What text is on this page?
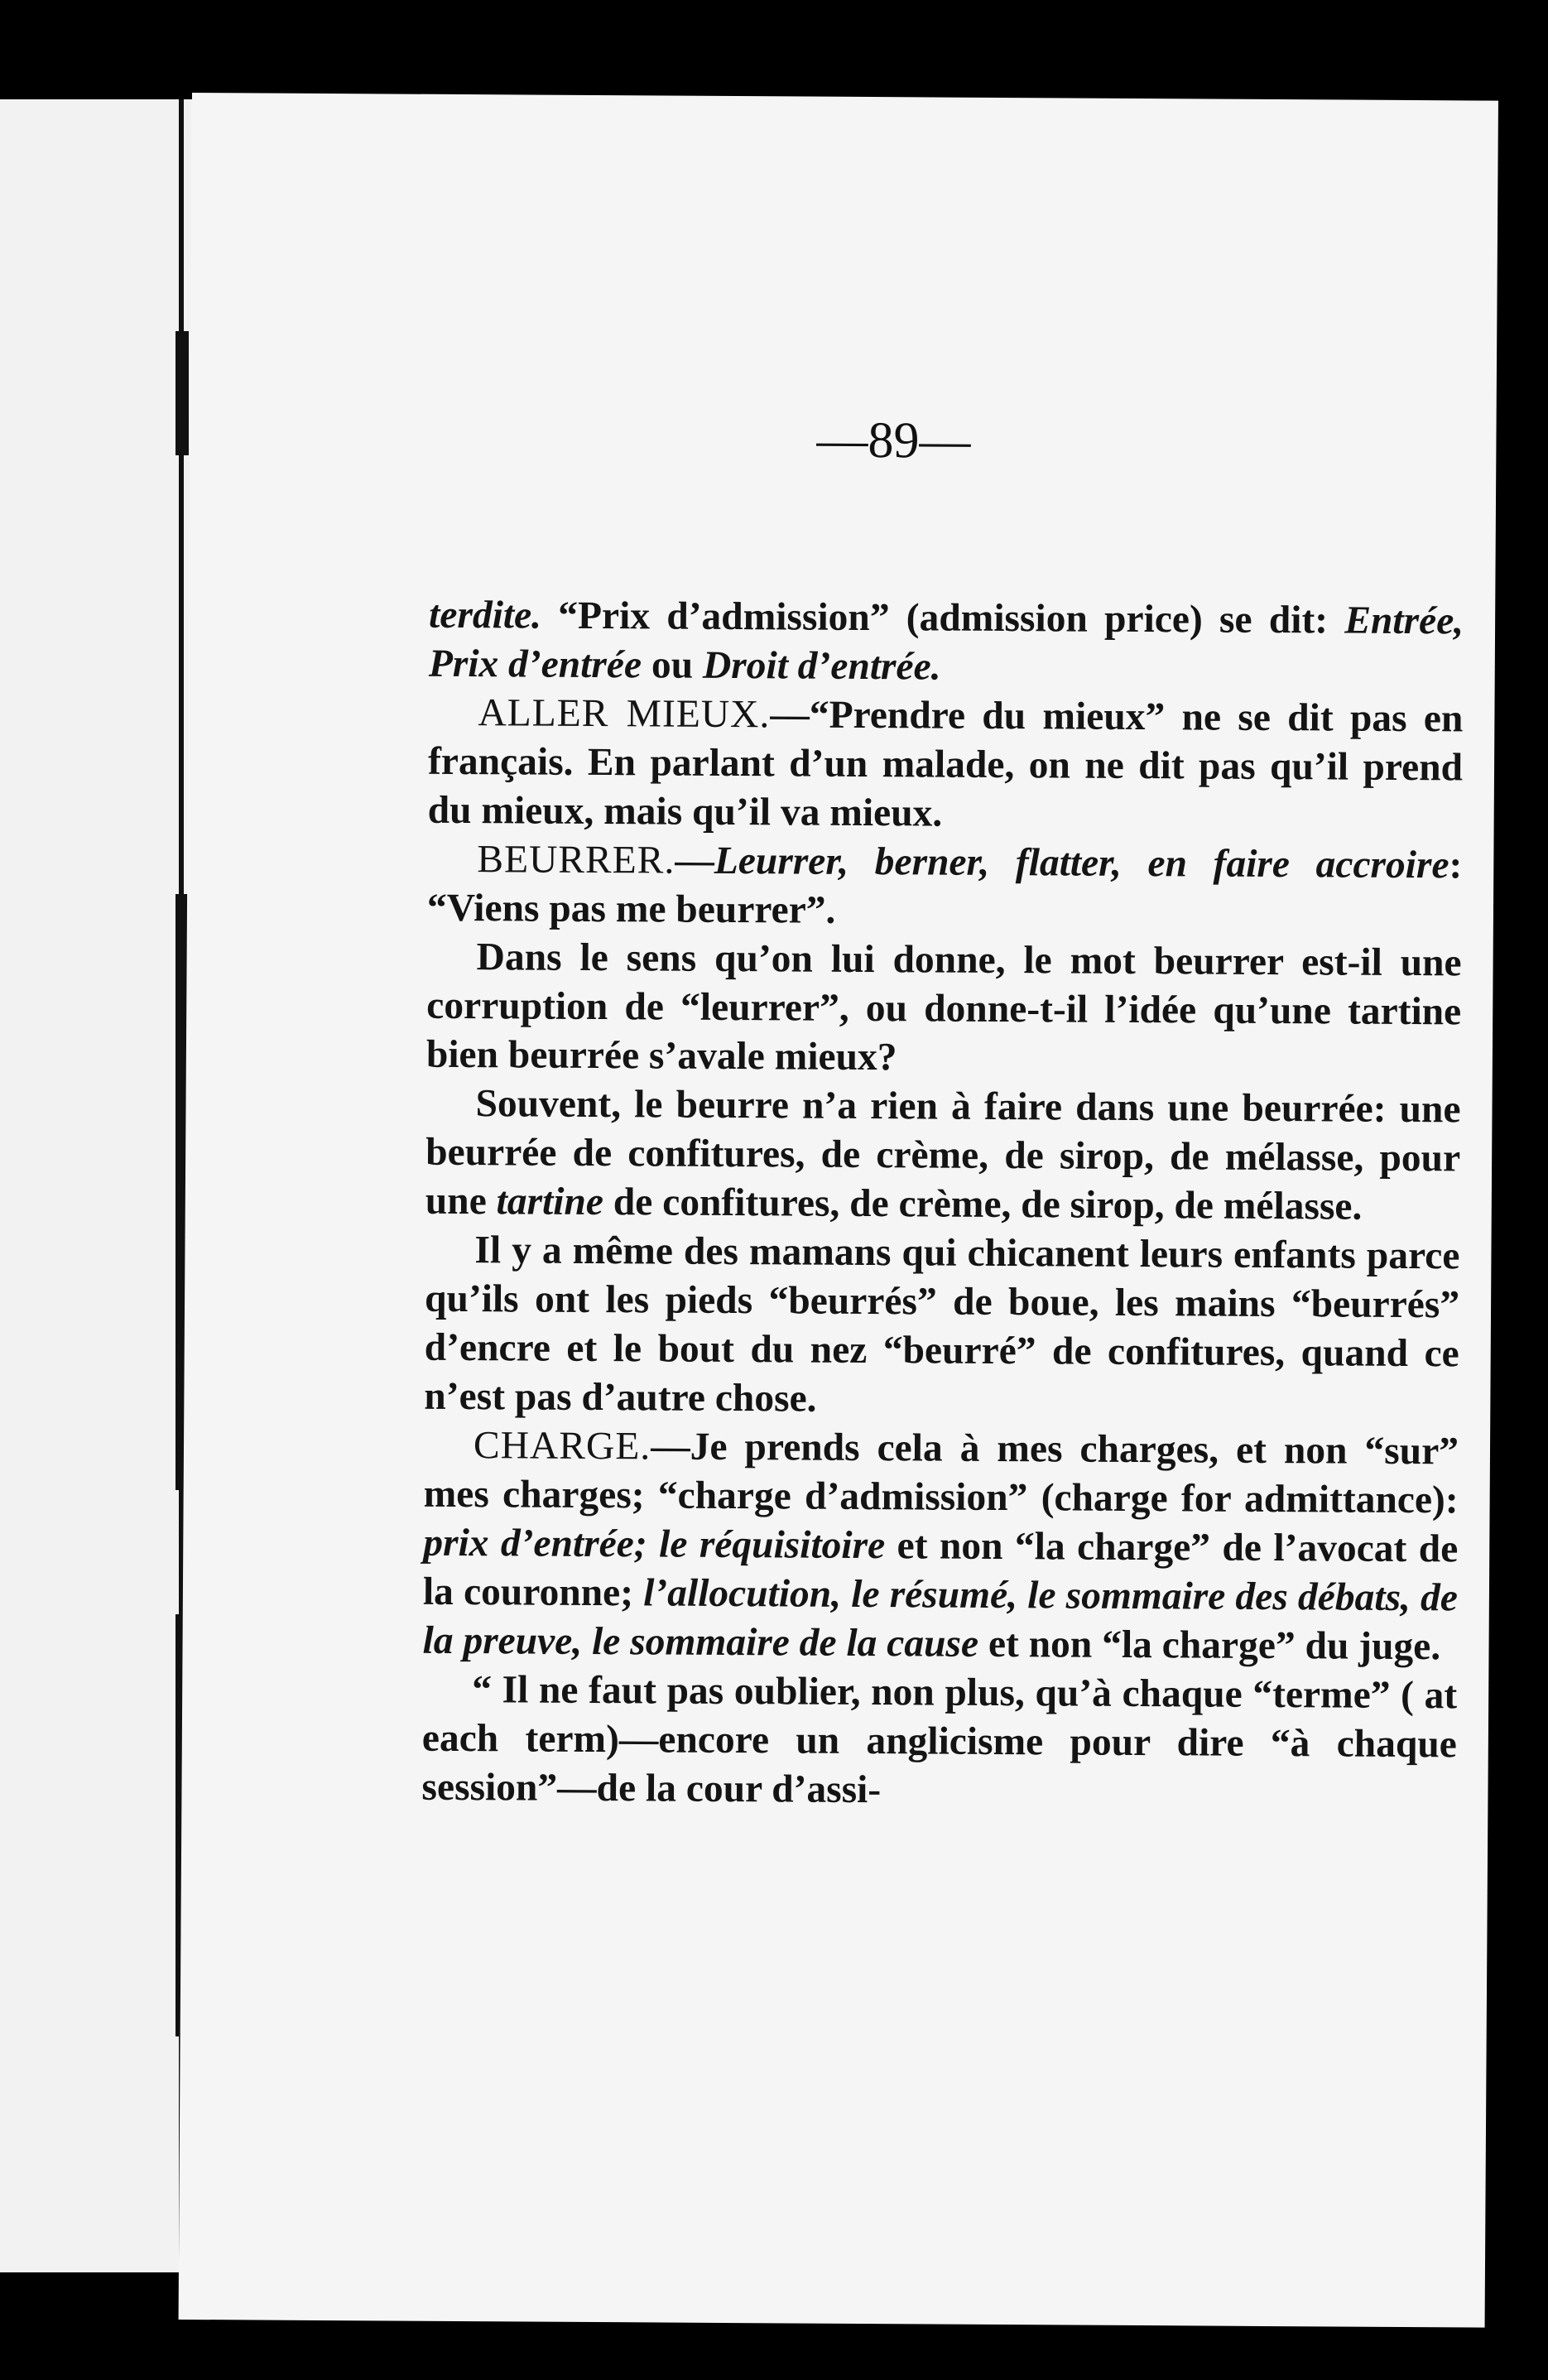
—89—

terdite. “Prix d’admission” (admission price) se dit: Entrée, Prix d’entrée ou Droit d’entrée.

ALLER MIEUX.—“Prendre du mieux” ne se dit pas en français. En parlant d’un malade, on ne dit pas qu’il prend du mieux, mais qu’il va mieux.

BEURRER.—Leurrer, berner, flatter, en faire accroire: “Viens pas me beurrer”.

Dans le sens qu’on lui donne, le mot beurrer est-il une corruption de “leurrer”, ou donne-t-il l’idée qu’une tartine bien beurrée s’avale mieux?

Souvent, le beurre n’a rien à faire dans une beurrée: une beurrée de confitures, de crème, de sirop, de mélasse, pour une tartine de confitures, de crème, de sirop, de mélasse.

Il y a même des mamans qui chicanent leurs enfants parce qu’ils ont les pieds “beurrés” de boue, les mains “beurrés” d’encre et le bout du nez “beurré” de confitures, quand ce n’est pas d’autre chose.

CHARGE.—Je prends cela à mes charges, et non “sur” mes charges; “charge d’admission” (charge for admittance): prix d’entrée; le réquisitoire et non “la charge” de l’avocat de la couronne; l’allocution, le résumé, le sommaire des débats, de la preuve, le sommaire de la cause et non “la charge” du juge.

“ Il ne faut pas oublier, non plus, qu’à chaque “terme” ( at each term)—encore un anglicisme pour dire “à chaque session”—de la cour d’assi-
